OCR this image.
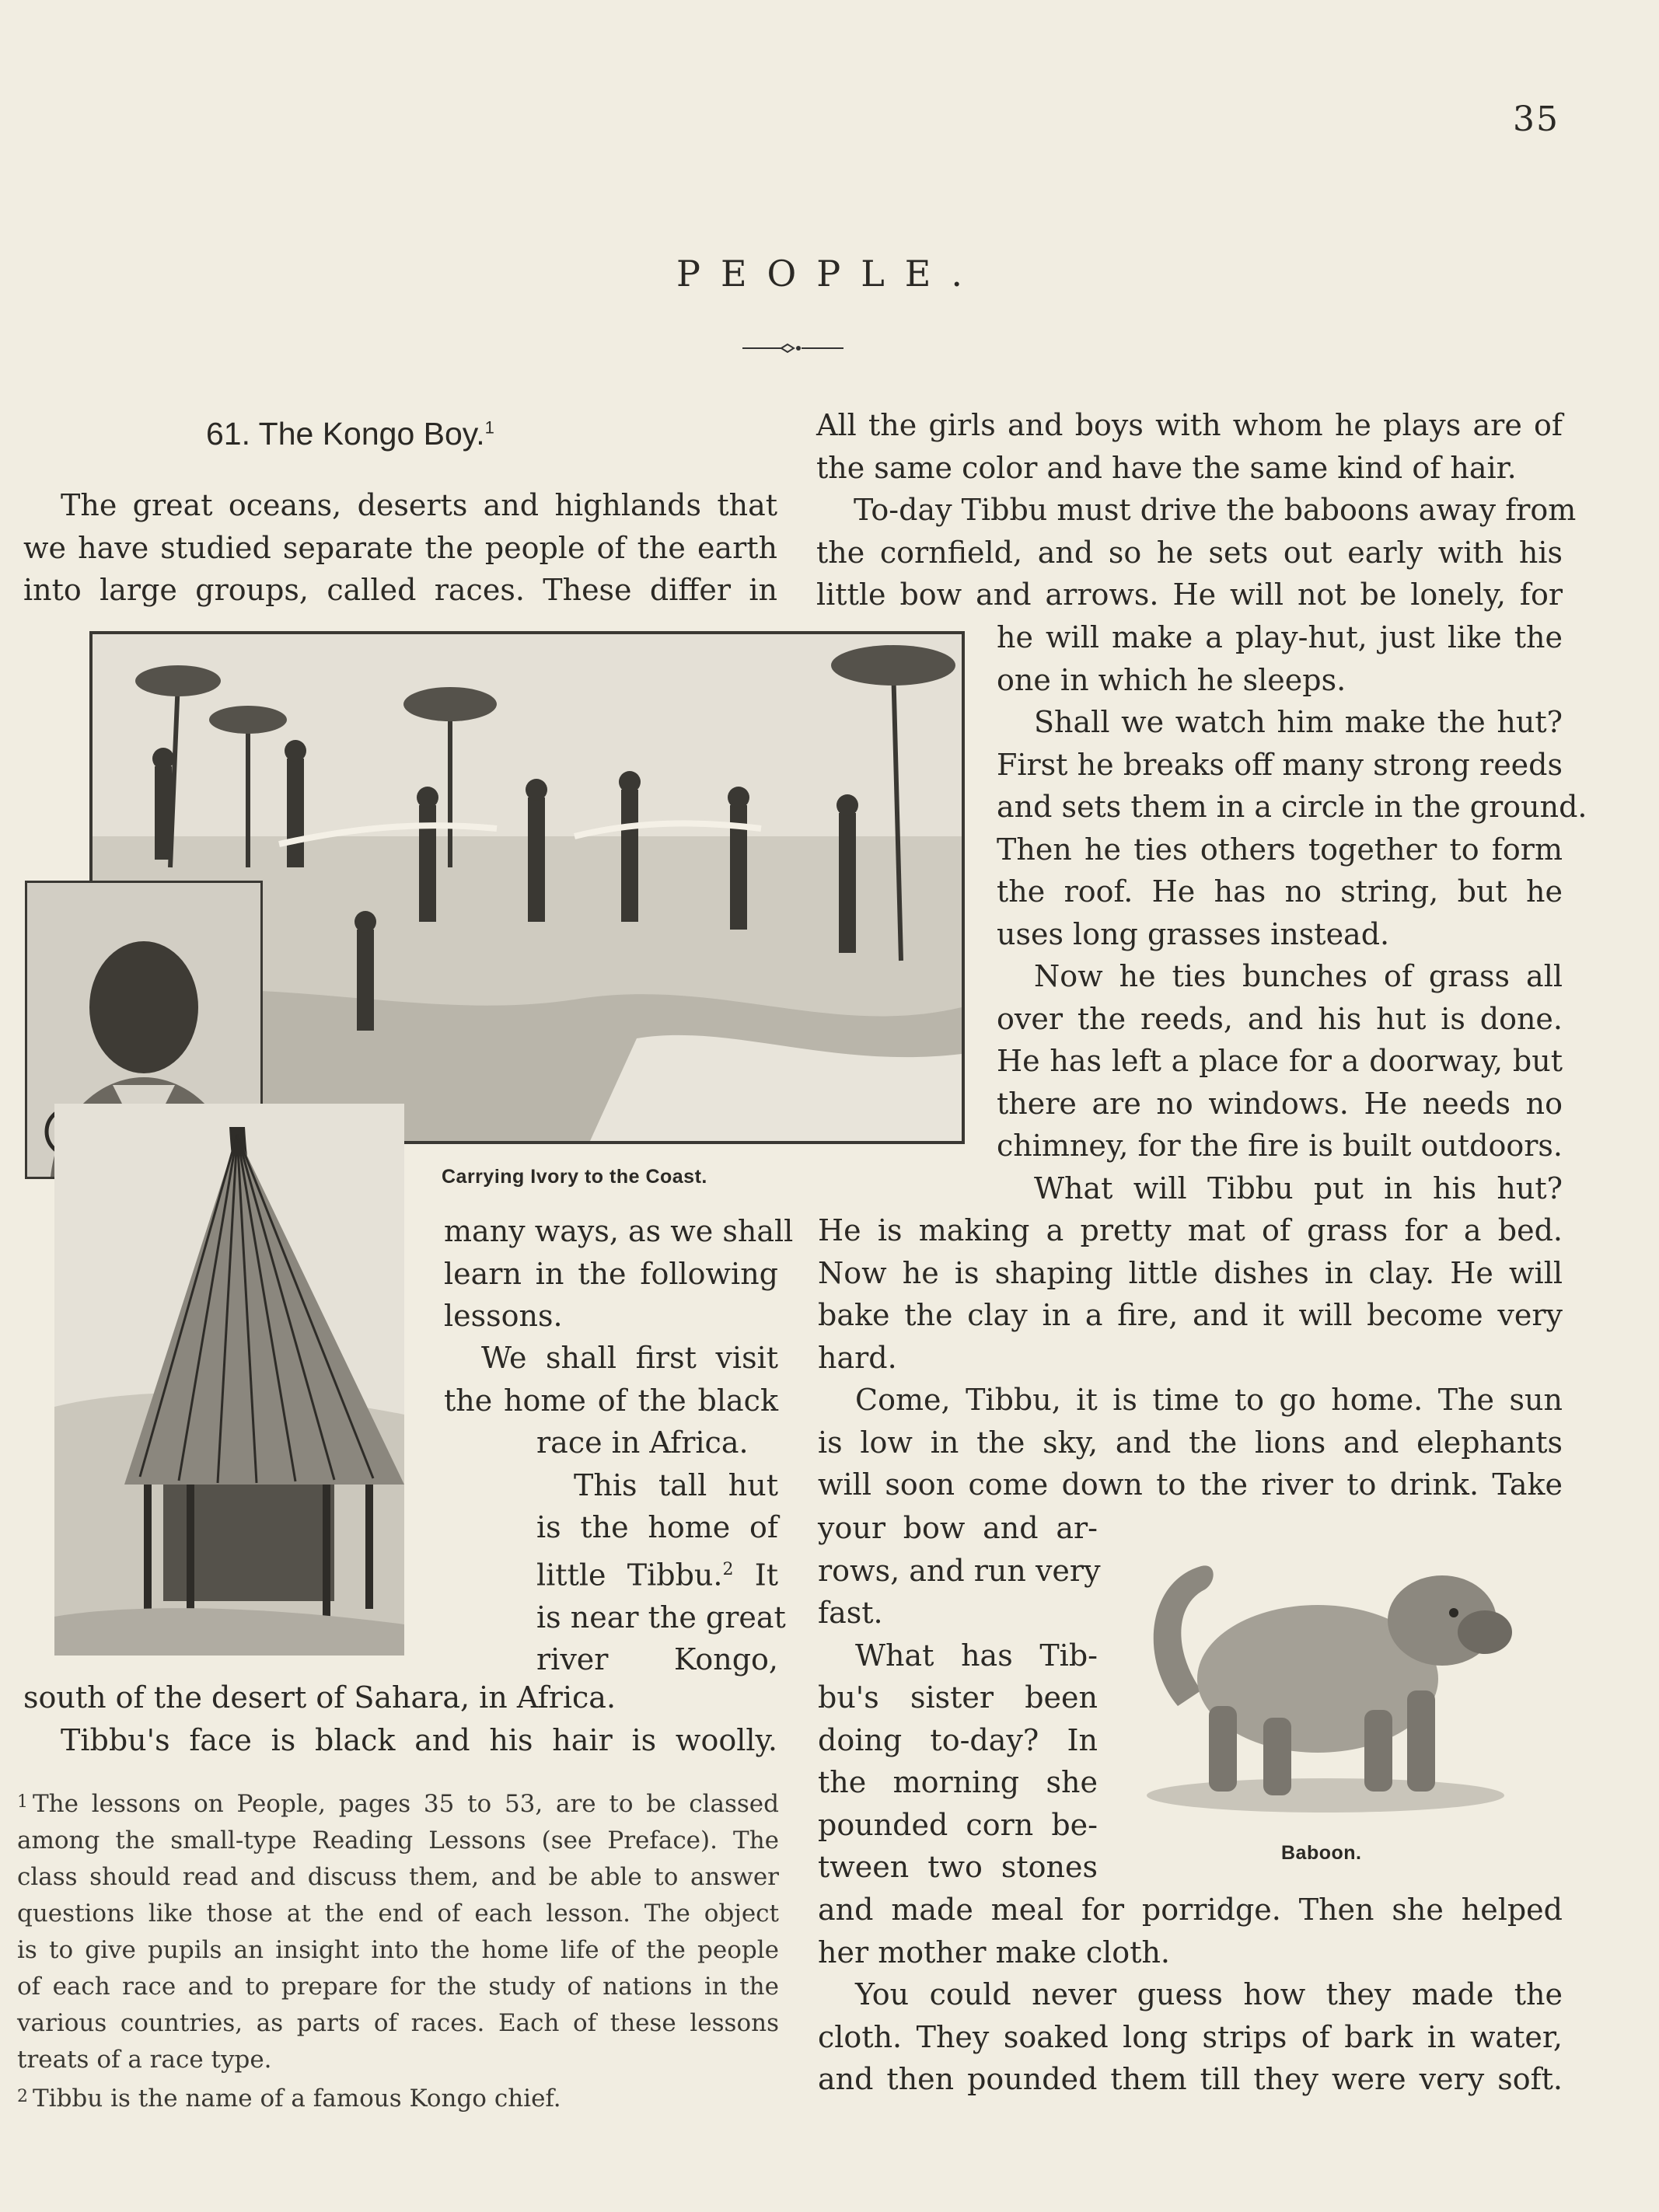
35
PEOPLE.
61. The Kongo Boy.$^1$
The great oceans, deserts and highlands that
we have studied separate the people of the earth
into large groups, called races. These differ in
Carrying Ivory to the Coast.
many ways, as we shall
learn in the following
lessons.
We shall first visit
the home of the black
race in Africa.
This tall hut
is the home of
little Tibbu.$^2$ It
is near the great
river Kongo,
south of the desert of Sahara, in Africa.
Tibbu's face is black and his hair is woolly.
1 The lessons on People, pages 35 to 53, are to be classed
among the small-type Reading Lessons (see Preface). The
class should read and discuss them, and be able to answer
questions like those at the end of each lesson. The object
is to give pupils an insight into the home life of the people
of each race and to prepare for the study of nations in the
various countries, as parts of races. Each of these lessons
treats of a race type.
2 Tibbu is the name of a famous Kongo chief.
All the girls and boys with whom he plays are of
the same color and have the same kind of hair.
To-day Tibbu must drive the baboons away from
the cornfield, and so he sets out early with his
little bow and arrows. He will not be lonely, for
he will make a play-hut, just like the
one in which he sleeps.
Shall we watch him make the hut?
First he breaks off many strong reeds
and sets them in a circle in the ground.
Then he ties others together to form
the roof. He has no string, but he
uses long grasses instead.
Now he ties bunches of grass all
over the reeds, and his hut is done.
He has left a place for a doorway, but
there are no windows. He needs no
chimney, for the fire is built outdoors.
What will Tibbu put in his hut?
He is making a pretty mat of grass for a bed.
Now he is shaping little dishes in clay. He will
bake the clay in a fire, and it will become very
hard.
Come, Tibbu, it is time to go home. The sun
is low in the sky, and the lions and elephants
will soon come down to the river to drink. Take
your bow and ar-
rows, and run very
fast.
What has Tib-
bu's sister been
doing to-day? In
the morning she
pounded corn be-
tween two stones	Baboon.
and made meal for porridge. Then she helped
her mother make cloth.
You could never guess how they made the
cloth. They soaked long strips of bark in water,
and then pounded them till they were very soft.
